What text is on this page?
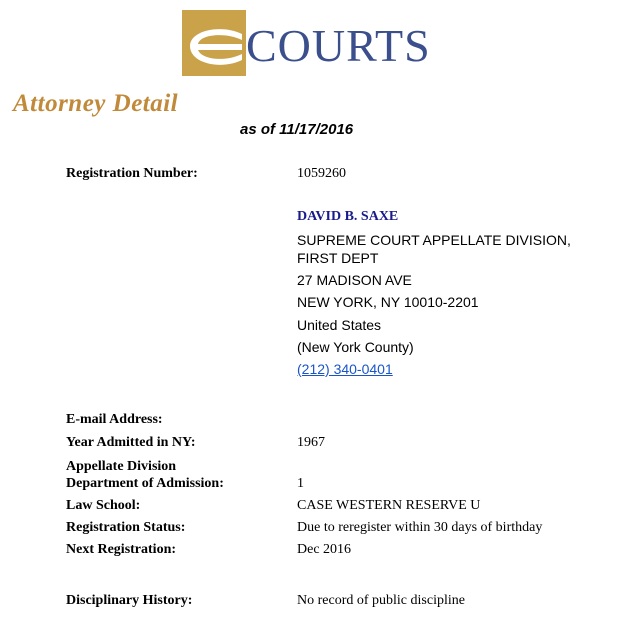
COURTS
Attorney Detail
as of 11/17/2016
Registration Number:	1059260
DAVID B. SAXE
SUPREME COURT APPELLATE DIVISION,
FIRST DEPT
27 MADISON AVE
NEW YORK, NY 10010-2201
United States
(New York County)
(212) 340-0401
E-mail Address:
Year Admitted in NY:	1967
Appellate Division
Department of Admission:	1
Law School:	CASE WESTERN RESERVE U
Registration Status:	Due to reregister within 30 days of birthday
Next Registration:	Dec 2016
Disciplinary History:	No record of public discipline
